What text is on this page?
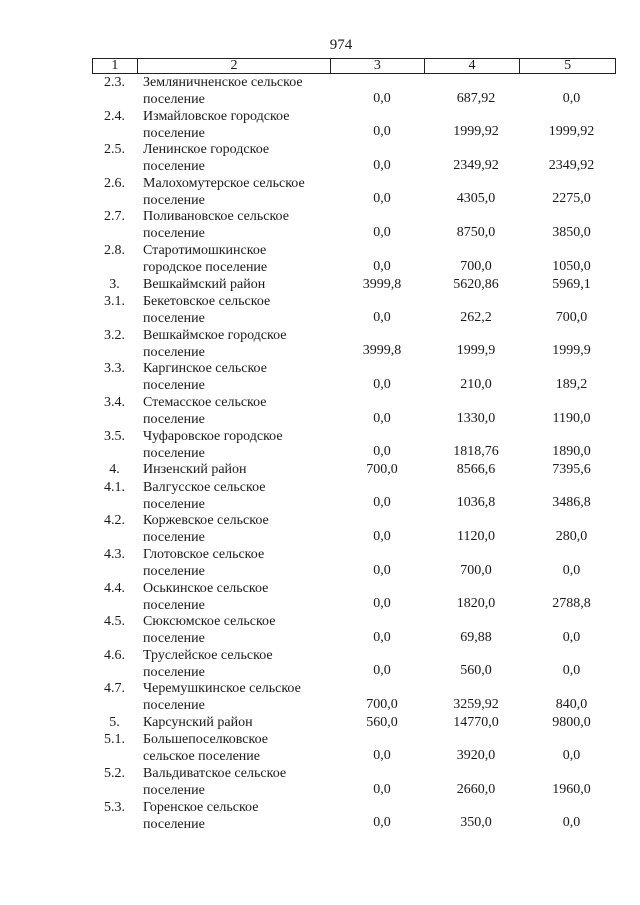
974
1	2	3	4	5
2.3.	Земляничненское сельское
поселение	0,0	687,92	0,0
2.4.	Измайловское городское
поселение	0,0	1999,92	1999,92
2.5.	Ленинское городское
поселение	0,0	2349,92	2349,92
2.6.	Малохомутерское сельское
поселение	0,0	4305,0	2275,0
2.7.	Поливановское сельское
поселение	0,0	8750,0	3850,0
2.8.	Старотимошкинское
городское поселение	0,0	700,0	1050,0
3.	Вешкаймский район	3999,8	5620,86	5969,1
3.1.	Бекетовское сельское
поселение	0,0	262,2	700,0
3.2.	Вешкаймское городское
поселение	3999,8	1999,9	1999,9
3.3.	Каргинское сельское
поселение	0,0	210,0	189,2
3.4.	Стемасское сельское
поселение	0,0	1330,0	1190,0
3.5.	Чуфаровское городское
поселение	0,0	1818,76	1890,0
4.	Инзенский район	700,0	8566,6	7395,6
4.1.	Валгусское сельское
поселение	0,0	1036,8	3486,8
4.2.	Коржевское сельское
поселение	0,0	1120,0	280,0
4.3.	Глотовское сельское
поселение	0,0	700,0	0,0
4.4.	Оськинское сельское
поселение	0,0	1820,0	2788,8
4.5.	Сюксюмское сельское
поселение	0,0	69,88	0,0
4.6.	Труслейское сельское
поселение	0,0	560,0	0,0
4.7.	Черемушкинское сельское
поселение	700,0	3259,92	840,0
5.	Карсунский район	560,0	14770,0	9800,0
5.1.	Большепоселковское
сельское поселение	0,0	3920,0	0,0
5.2.	Вальдиватское сельское
поселение	0,0	2660,0	1960,0
5.3.	Горенское сельское
поселение	0,0	350,0	0,0
